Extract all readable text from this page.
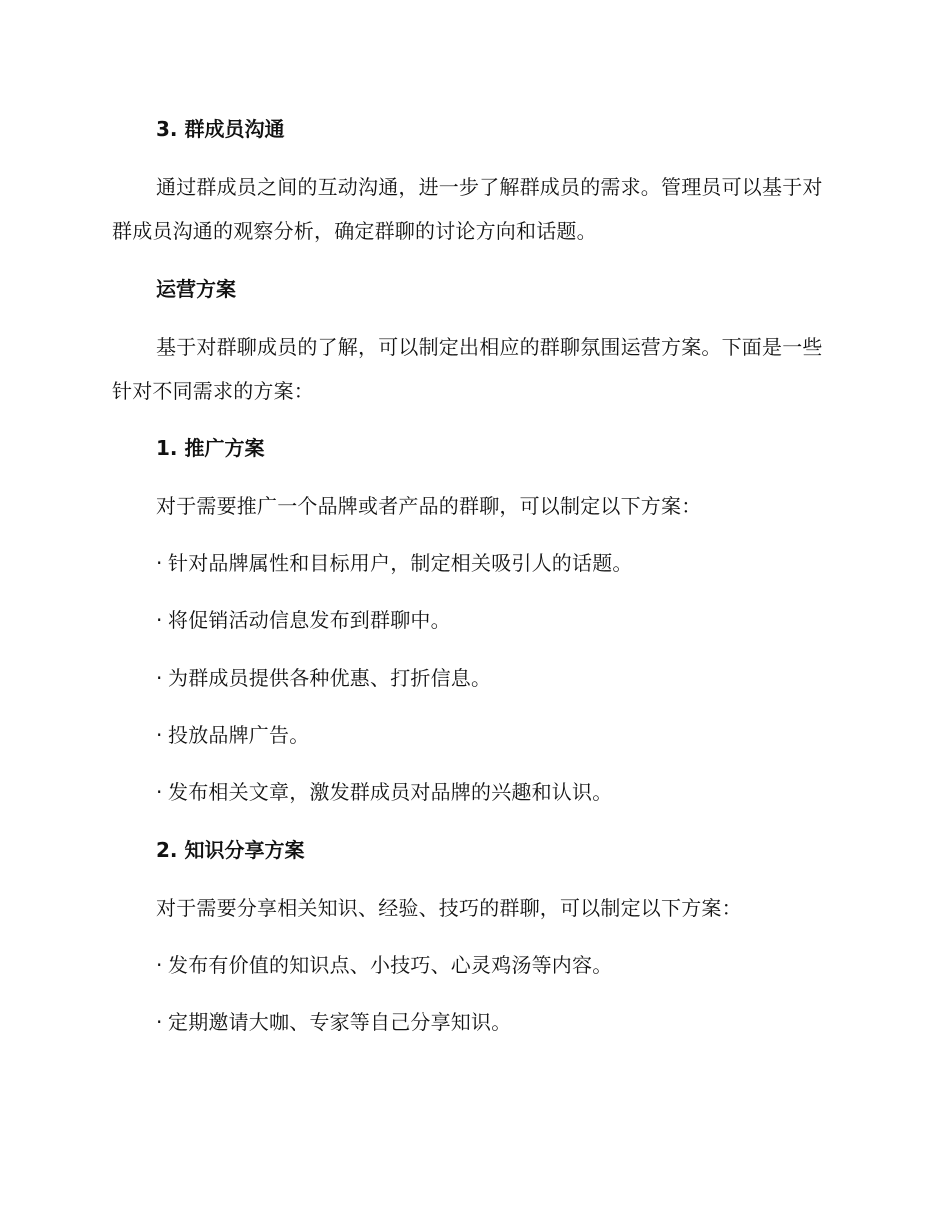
3. 群成员沟通
通过群成员之间的互动沟通，进一步了解群成员的需求。管理员可以基于对群成员沟通的观察分析，确定群聊的讨论方向和话题。
运营方案
基于对群聊成员的了解，可以制定出相应的群聊氛围运营方案。下面是一些针对不同需求的方案：
1. 推广方案
对于需要推广一个品牌或者产品的群聊，可以制定以下方案：
· 针对品牌属性和目标用户，制定相关吸引人的话题。
· 将促销活动信息发布到群聊中。
· 为群成员提供各种优惠、打折信息。
· 投放品牌广告。
· 发布相关文章，激发群成员对品牌的兴趣和认识。
2. 知识分享方案
对于需要分享相关知识、经验、技巧的群聊，可以制定以下方案：
· 发布有价值的知识点、小技巧、心灵鸡汤等内容。
· 定期邀请大咖、专家等自己分享知识。
